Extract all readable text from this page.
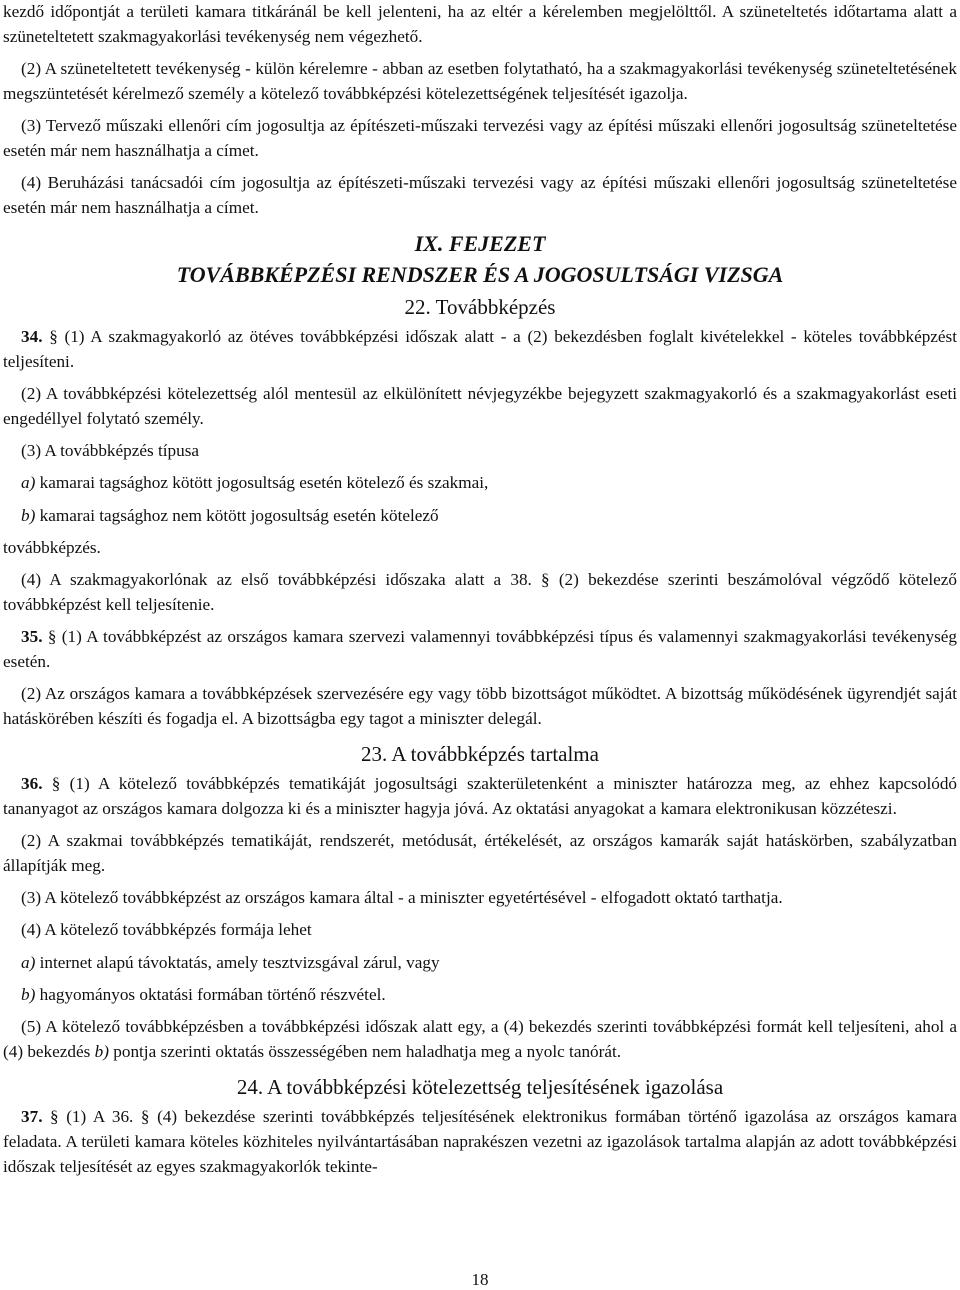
kezdő időpontját a területi kamara titkáránál be kell jelenteni, ha az eltér a kérelemben megjelölttől. A szüneteltetés időtartama alatt a szüneteltetett szakmagyakorlási tevékenység nem végezhető.

(2) A szüneteltetett tevékenység - külön kérelemre - abban az esetben folytatható, ha a szakmagyakorlási tevékenység szüneteltetésének megszüntetését kérelmező személy a kötelező továbbképzési kötelezettségének teljesítését igazolja.

(3) Tervező műszaki ellenőri cím jogosultja az építészeti-műszaki tervezési vagy az építési műszaki ellenőri jogosultság szüneteltetése esetén már nem használhatja a címet.

(4) Beruházási tanácsadói cím jogosultja az építészeti-műszaki tervezési vagy az építési műszaki ellenőri jogosultság szüneteltetése esetén már nem használhatja a címet.

IX. FEJEZET
TOVÁBBKÉPZÉSI RENDSZER ÉS A JOGOSULTSÁGI VIZSGA
22. Továbbképzés

34. § (1) A szakmagyakorló az ötéves továbbképzési időszak alatt - a (2) bekezdésben foglalt kivételekkel - köteles továbbképzést teljesíteni.

(2) A továbbképzési kötelezettség alól mentesül az elkülönített névjegyzékbe bejegyzett szakmagyakorló és a szakmagyakorlást eseti engedéllyel folytató személy.

(3) A továbbképzés típusa

a) kamarai tagsághoz kötött jogosultság esetén kötelező és szakmai,

b) kamarai tagsághoz nem kötött jogosultság esetén kötelező

továbbképzés.

(4) A szakmagyakorlónak az első továbbképzési időszaka alatt a 38. § (2) bekezdése szerinti beszámolóval végződő kötelező továbbképzést kell teljesítenie.

35. § (1) A továbbképzést az országos kamara szervezi valamennyi továbbképzési típus és valamennyi szakmagyakorlási tevékenység esetén.

(2) Az országos kamara a továbbképzések szervezésére egy vagy több bizottságot működtet. A bizottság működésének ügyrendjét saját hatáskörében készíti és fogadja el. A bizottságba egy tagot a miniszter delegál.

23. A továbbképzés tartalma

36. § (1) A kötelező továbbképzés tematikáját jogosultsági szakterületenként a miniszter határozza meg, az ehhez kapcsolódó tananyagot az országos kamara dolgozza ki és a miniszter hagyja jóvá. Az oktatási anyagokat a kamara elektronikusan közzéteszi.

(2) A szakmai továbbképzés tematikáját, rendszerét, metódusát, értékelését, az országos kamarák saját hatáskörben, szabályzatban állapítják meg.

(3) A kötelező továbbképzést az országos kamara által - a miniszter egyetértésével - elfogadott oktató tarthatja.

(4) A kötelező továbbképzés formája lehet

a) internet alapú távoktatás, amely tesztvizsgával zárul, vagy

b) hagyományos oktatási formában történő részvétel.

(5) A kötelező továbbképzésben a továbbképzési időszak alatt egy, a (4) bekezdés szerinti továbbképzési formát kell teljesíteni, ahol a (4) bekezdés b) pontja szerinti oktatás összességében nem haladhatja meg a nyolc tanórát.

24. A továbbképzési kötelezettség teljesítésének igazolása

37. § (1) A 36. § (4) bekezdése szerinti továbbképzés teljesítésének elektronikus formában történő igazolása az országos kamara feladata. A területi kamara köteles közhiteles nyilvántartásában naprakészen vezetni az igazolások tartalma alapján az adott továbbképzési időszak teljesítését az egyes szakmagyakorlók tekinte-

18
